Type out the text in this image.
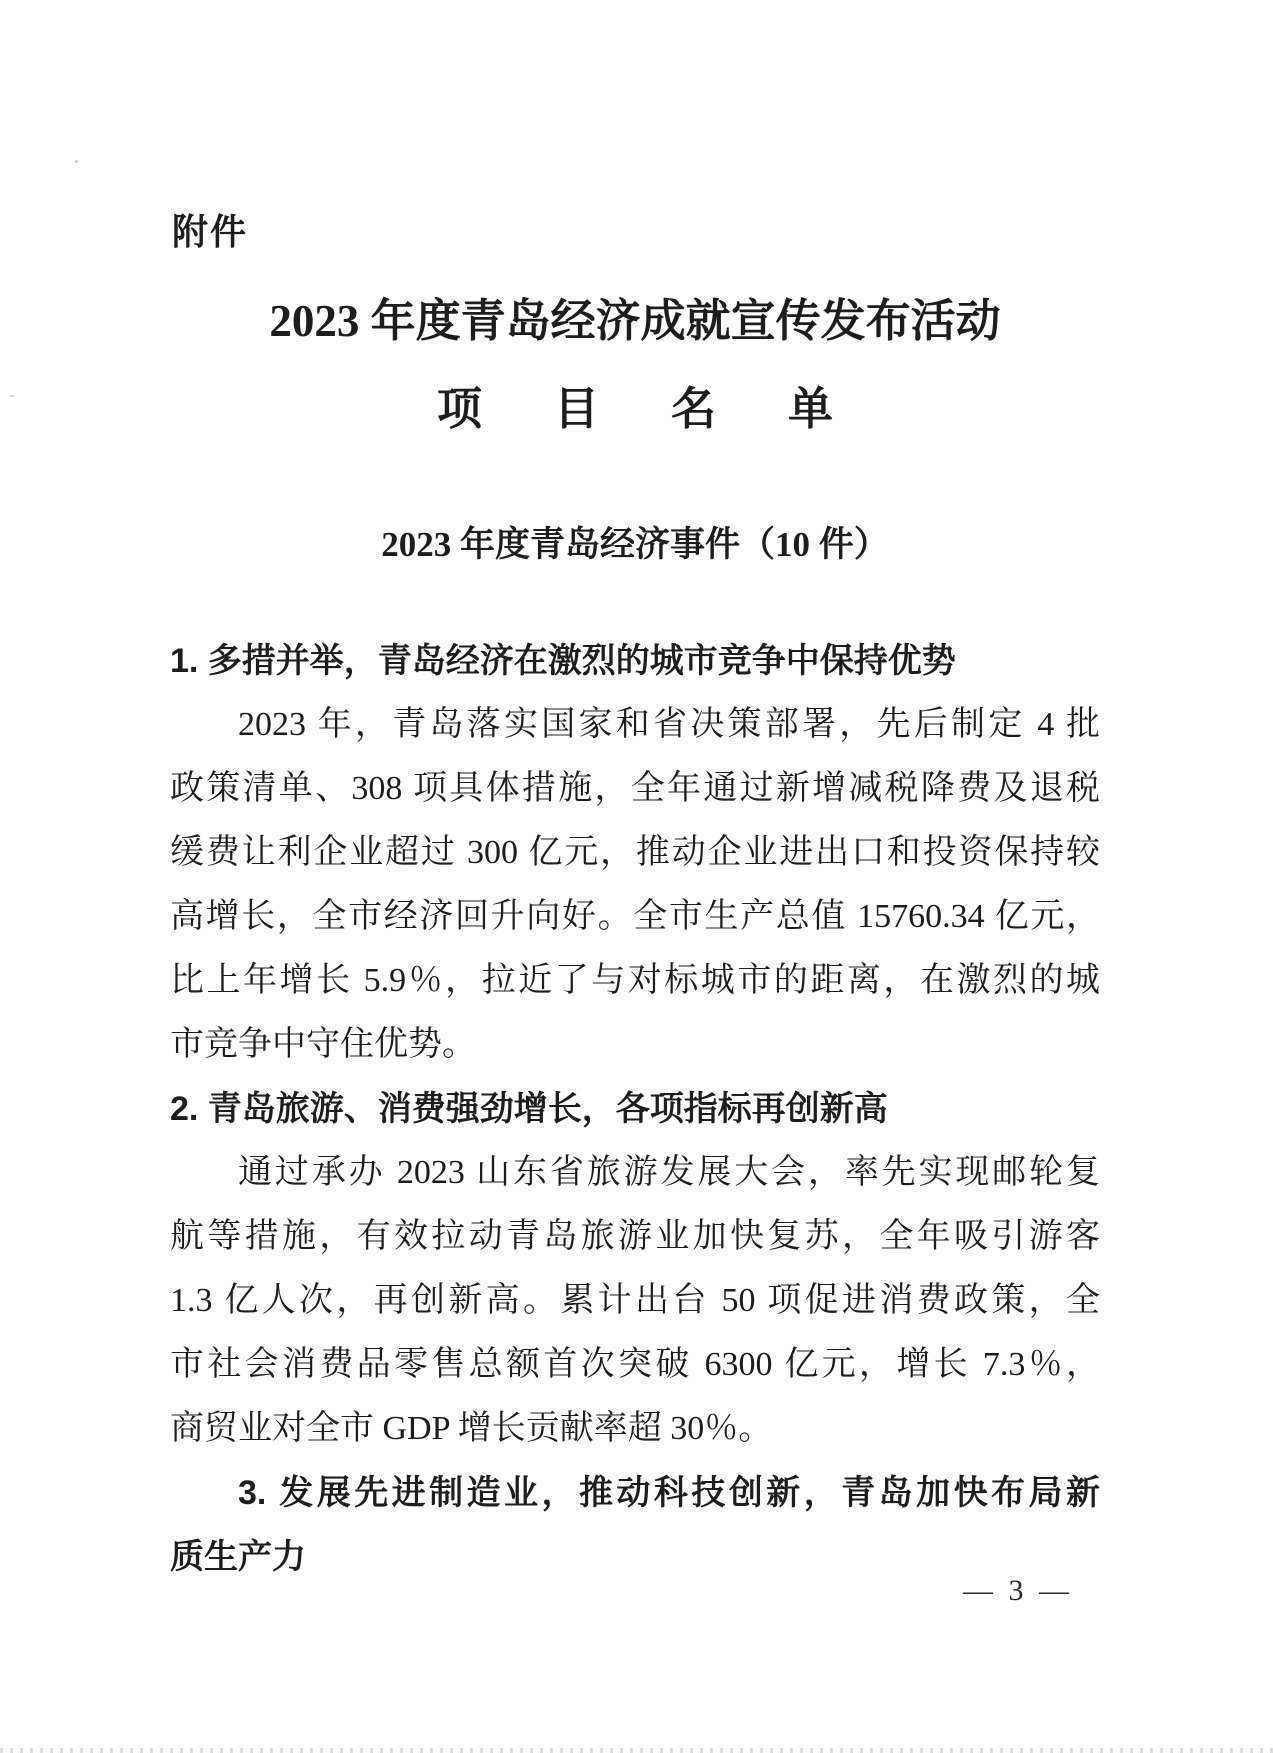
附件
2023 年度青岛经济成就宣传发布活动
项 目 名 单
2023 年度青岛经济事件（10 件）
1. 多措并举，青岛经济在激烈的城市竞争中保持优势
2023 年，青岛落实国家和省决策部署，先后制定 4 批
政策清单、308 项具体措施，全年通过新增减税降费及退税
缓费让利企业超过 300 亿元，推动企业进出口和投资保持较
高增长，全市经济回升向好。全市生产总值 15760.34 亿元，
比上年增长 5.9％，拉近了与对标城市的距离，在激烈的城
市竞争中守住优势。
2. 青岛旅游、消费强劲增长，各项指标再创新高
通过承办 2023 山东省旅游发展大会，率先实现邮轮复
航等措施，有效拉动青岛旅游业加快复苏，全年吸引游客
1.3 亿人次，再创新高。累计出台 50 项促进消费政策，全
市社会消费品零售总额首次突破 6300 亿元，增长 7.3％，
商贸业对全市 GDP 增长贡献率超 30％。
3. 发展先进制造业，推动科技创新，青岛加快布局新
质生产力
— 3 —
